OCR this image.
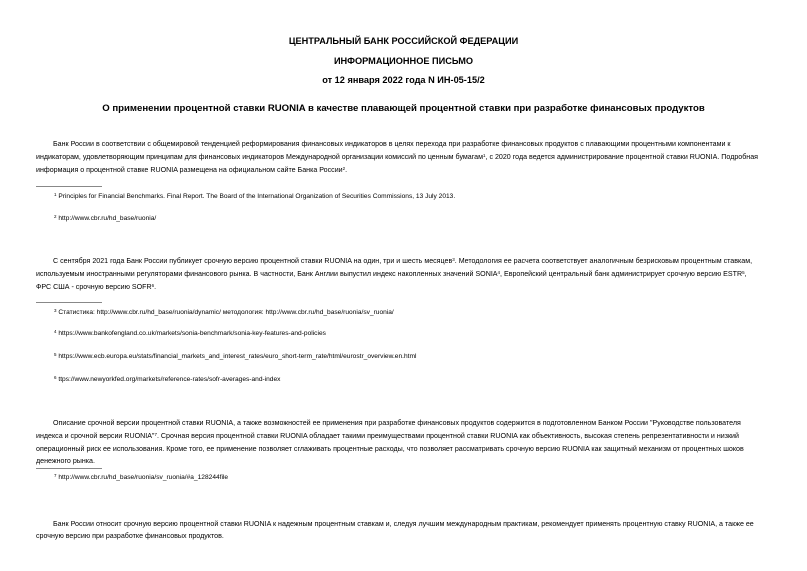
ЦЕНТРАЛЬНЫЙ БАНК РОССИЙСКОЙ ФЕДЕРАЦИИ
ИНФОРМАЦИОННОЕ ПИСЬМО
от 12 января 2022 года N ИН-05-15/2
О применении процентной ставки RUONIA в качестве плавающей процентной ставки при разработке финансовых продуктов
Банк России в соответствии с общемировой тенденцией реформирования финансовых индикаторов в целях перехода при разработке финансовых продуктов с плавающими процентными компонентами к
индикаторам, удовлетворяющим принципам для финансовых индикаторов Международной организации комиссий по ценным бумагам$^1$, с 2020 года ведется администрирование процентной ставки RUONIA. Подробная
информация о процентной ставке RUONIA размещена на официальном сайте Банка России$^2$.
$^1$ Principles for Financial Benchmarks. Final Report. The Board of the International Organization of Securities Commissions, 13 July 2013.
$^2$ http://www.cbr.ru/hd_base/ruonia/
С сентября 2021 года Банк России публикует срочную версию процентной ставки RUONIA на один, три и шесть месяцев$^3$. Методология ее расчета соответствует аналогичным безрисковым процентным ставкам,
используемым иностранными регуляторами финансового рынка. В частности, Банк Англии выпустил индекс накопленных значений SONIA$^4$, Европейский центральный банк администрирует срочную версию ESTR$^5$,
ФРС США - срочную версию SOFR$^6$.
$^3$ Статистика: http://www.cbr.ru/hd_base/ruonia/dynamic/ методология: http://www.cbr.ru/hd_base/ruonia/sv_ruonia/
$^4$ https://www.bankofengland.co.uk/markets/sonia-benchmark/sonia-key-features-and-policies
$^5$ https://www.ecb.europa.eu/stats/financial_markets_and_interest_rates/euro_short-term_rate/html/eurostr_overview.en.html
$^6$ ttps://www.newyorkfed.org/markets/reference-rates/sofr-averages-and-index
Описание срочной версии процентной ставки RUONIA, а также возможностей ее применения при разработке финансовых продуктов содержится в подготовленном Банком России "Руководстве пользователя
индекса и срочной версии RUONIA"$^7$. Срочная версия процентной ставки RUONIA обладает такими преимуществами процентной ставки RUONIA как объективность, высокая степень репрезентативности и низкий
операционный риск ее использования. Кроме того, ее применение позволяет сглаживать процентные расходы, что позволяет рассматривать срочную версию RUONIA как защитный механизм от процентных шоков
денежного рынка.
$^7$ http://www.cbr.ru/hd_base/ruonia/sv_ruonia/#a_128244file
Банк России относит срочную версию процентной ставки RUONIA к надежным процентным ставкам и, следуя лучшим международным практикам, рекомендует применять процентную ставку RUONIA, а также ее
срочную версию при разработке финансовых продуктов.
